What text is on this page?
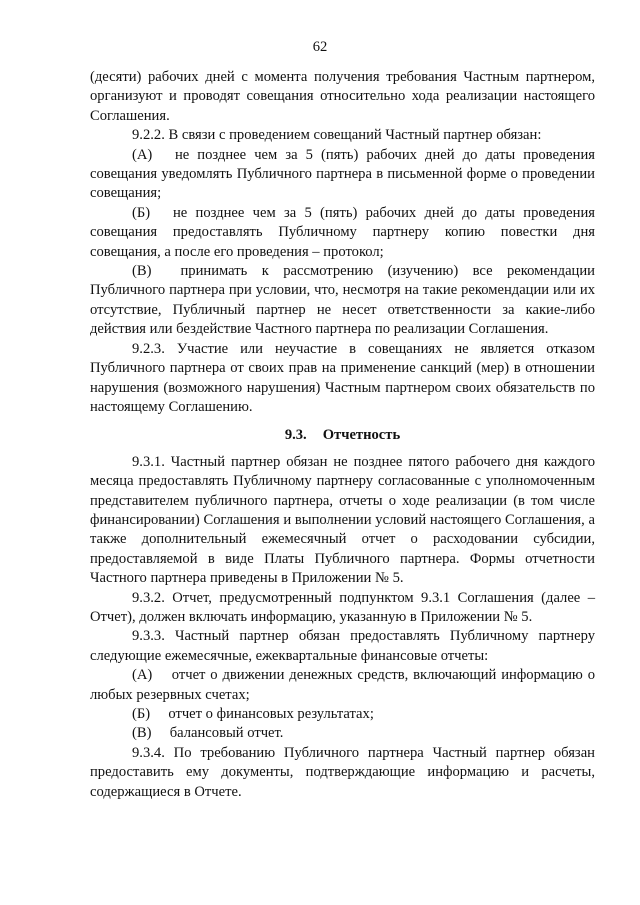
62

(десяти) рабочих дней с момента получения требования Частным партнером, организуют и проводят совещания относительно хода реализации настоящего Соглашения.

9.2.2. В связи с проведением совещаний Частный партнер обязан:

(А)  не позднее чем за 5 (пять) рабочих дней до даты проведения совещания уведомлять Публичного партнера в письменной форме о проведении совещания;

(Б)  не позднее чем за 5 (пять) рабочих дней до даты проведения совещания предоставлять Публичному партнеру копию повестки дня совещания, а после его проведения – протокол;

(В)  принимать к рассмотрению (изучению) все рекомендации Публичного партнера при условии, что, несмотря на такие рекомендации или их отсутствие, Публичный партнер не несет ответственности за какие-либо действия или бездействие Частного партнера по реализации Соглашения.

9.2.3. Участие или неучастие в совещаниях не является отказом Публичного партнера от своих прав на применение санкций (мер) в отношении нарушения (возможного нарушения) Частным партнером своих обязательств по настоящему Соглашению.

9.3. Отчетность

9.3.1. Частный партнер обязан не позднее пятого рабочего дня каждого месяца предоставлять Публичному партнеру согласованные с уполномоченным представителем публичного партнера, отчеты о ходе реализации (в том числе финансировании) Соглашения и выполнении условий настоящего Соглашения, а также дополнительный ежемесячный отчет о расходовании субсидии, предоставляемой в виде Платы Публичного партнера. Формы отчетности Частного партнера приведены в Приложении № 5.

9.3.2. Отчет, предусмотренный подпунктом 9.3.1 Соглашения (далее – Отчет), должен включать информацию, указанную в Приложении № 5.

9.3.3. Частный партнер обязан предоставлять Публичному партнеру следующие ежемесячные, ежеквартальные финансовые отчеты:

(А)  отчет о движении денежных средств, включающий информацию о любых резервных счетах;

(Б)  отчет о финансовых результатах;

(В)  балансовый отчет.

9.3.4. По требованию Публичного партнера Частный партнер обязан предоставить ему документы, подтверждающие информацию и расчеты, содержащиеся в Отчете.
